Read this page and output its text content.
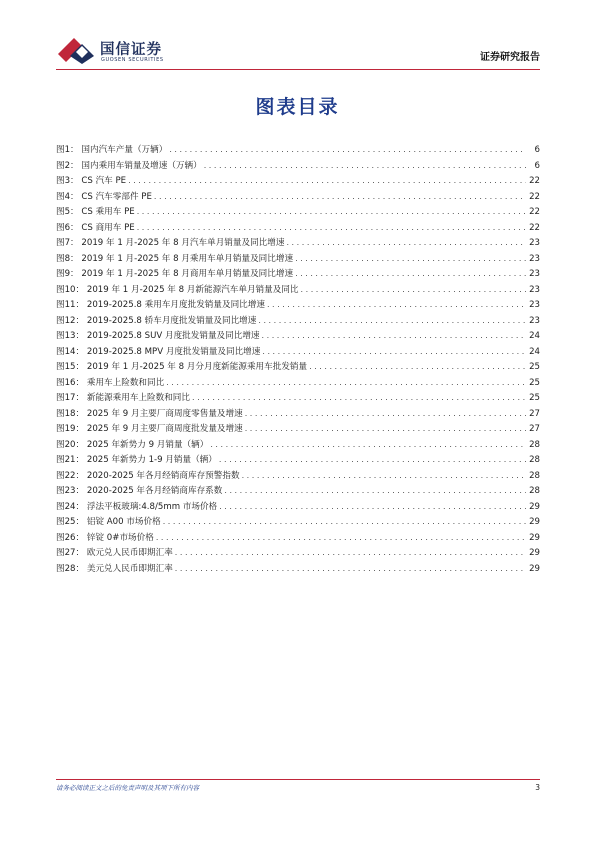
国信证券
GUOSEN SECURITIES	证券研究报告
图表目录
图1： 国内汽车产量（万辆） . . .	6
图2： 国内乘用车销量及增速（万辆） . . .	6
图3： CS 汽车 PE . . .	22
图4： CS 汽车零部件 PE . . .	22
图5： CS 乘用车 PE . . .	22
图6： CS 商用车 PE . . .	22
图7： 2019 年 1 月-2025 年 8 月汽车单月销量及同比增速 . . .	23
图8： 2019 年 1 月-2025 年 8 月乘用车单月销量及同比增速 . . .	23
图9： 2019 年 1 月-2025 年 8 月商用车单月销量及同比增速 . . .	23
图10： 2019 年 1 月-2025 年 8 月新能源汽车单月销量及同比 . . .	23
图11： 2019-2025.8 乘用车月度批发销量及同比增速 . . .	23
图12： 2019-2025.8 轿车月度批发销量及同比增速 . . .	23
图13： 2019-2025.8 SUV 月度批发销量及同比增速 . . .	24
图14： 2019-2025.8 MPV 月度批发销量及同比增速 . . .	24
图15： 2019 年 1 月-2025 年 8 月分月度新能源乘用车批发销量 . . .	25
图16： 乘用车上险数和同比 . . .	25
图17： 新能源乘用车上险数和同比 . . .	25
图18： 2025 年 9 月主要厂商周度零售量及增速 . . .	27
图19： 2025 年 9 月主要厂商周度批发量及增速 . . .	27
图20： 2025 年新势力 9 月销量（辆） . . .	28
图21： 2025 年新势力 1-9 月销量（辆） . . .	28
图22： 2020-2025 年各月经销商库存预警指数 . . .	28
图23： 2020-2025 年各月经销商库存系数 . . .	28
图24： 浮法平板玻璃:4.8/5mm 市场价格 . . .	29
图25： 铝锭 A00 市场价格 . . .	29
图26： 锌锭 0#市场价格 . . .	29
图27： 欧元兑人民币即期汇率 . . .	29
图28： 美元兑人民币即期汇率 . . .	29
请务必阅读正文之后的免责声明及其项下所有内容	3
